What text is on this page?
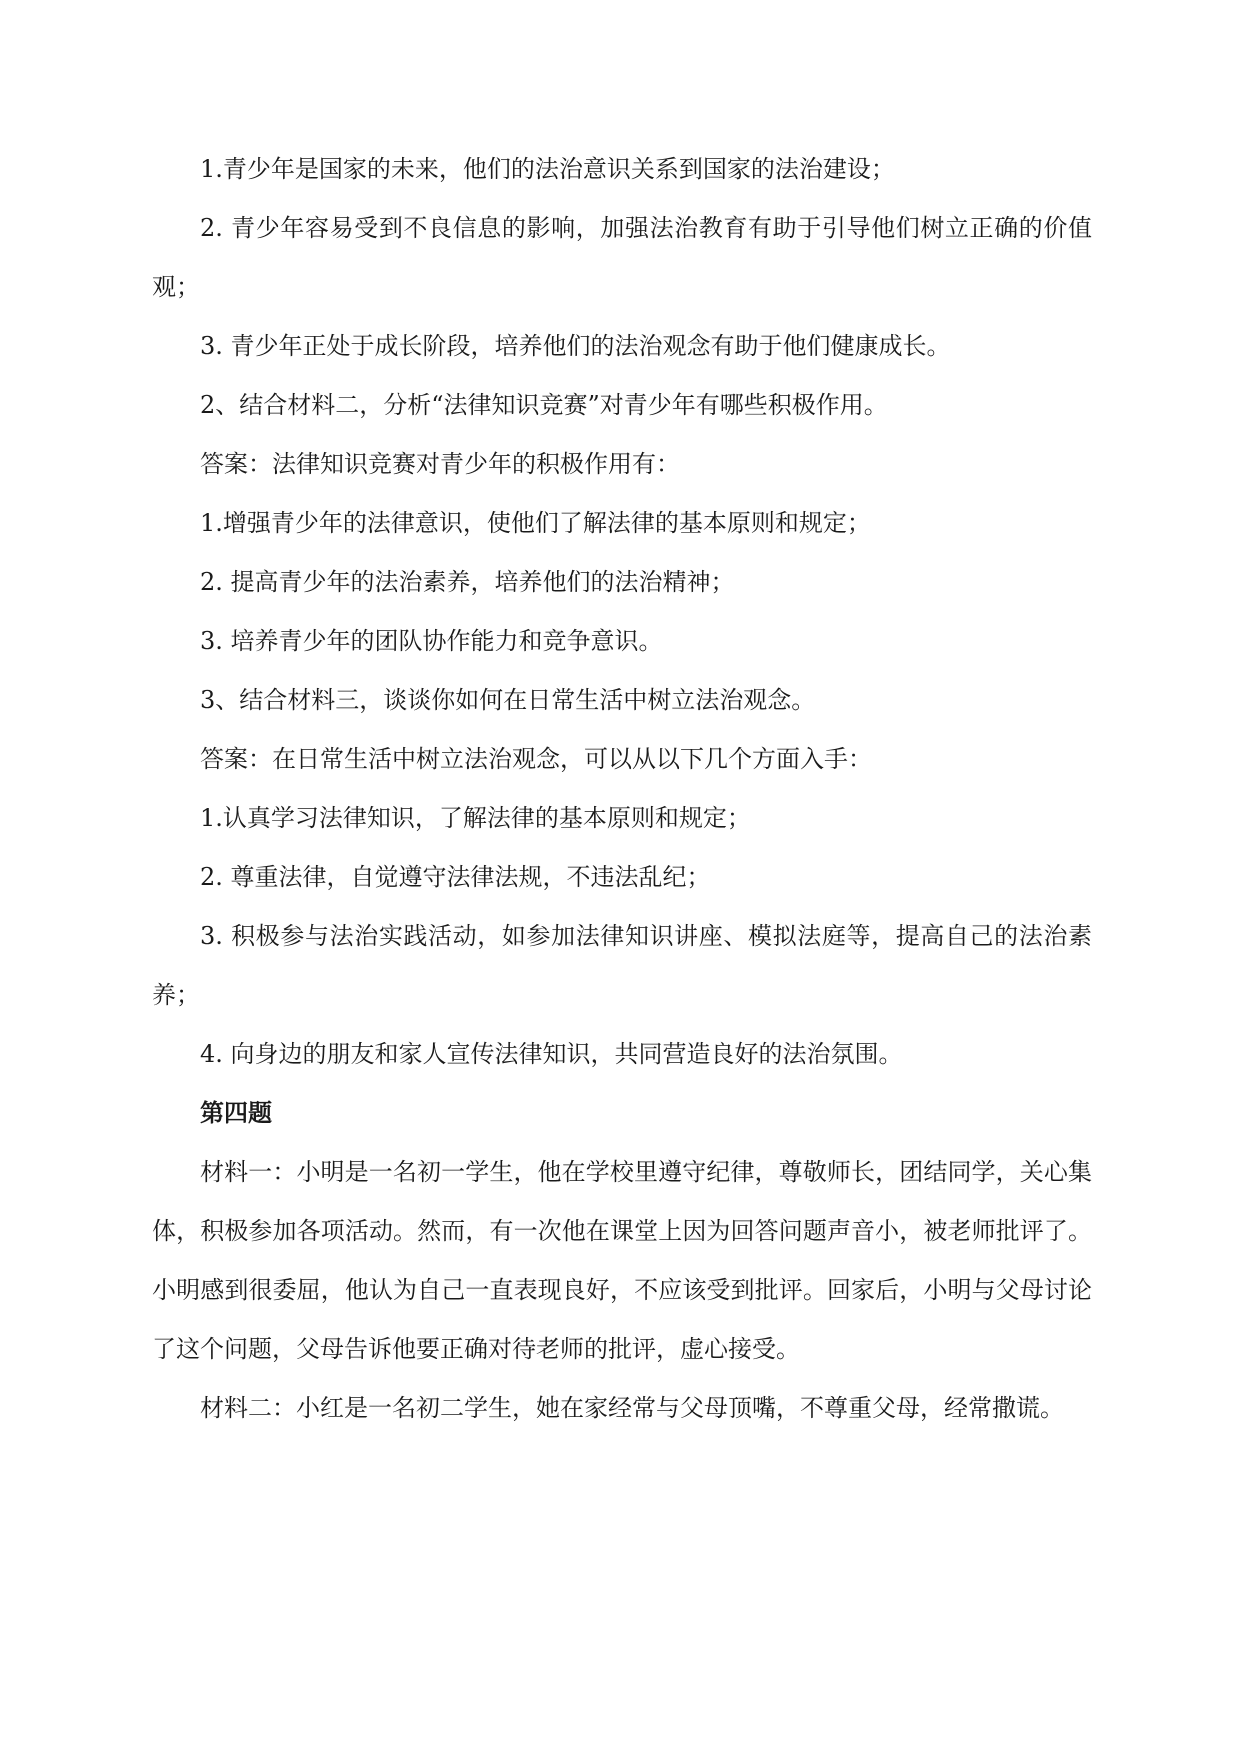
1.青少年是国家的未来，他们的法治意识关系到国家的法治建设；

2. 青少年容易受到不良信息的影响，加强法治教育有助于引导他们树立正确的价值观；

3. 青少年正处于成长阶段，培养他们的法治观念有助于他们健康成长。

2、结合材料二，分析“法律知识竞赛”对青少年有哪些积极作用。

答案：法律知识竞赛对青少年的积极作用有：

1.增强青少年的法律意识，使他们了解法律的基本原则和规定；

2. 提高青少年的法治素养，培养他们的法治精神；

3. 培养青少年的团队协作能力和竞争意识。

3、结合材料三，谈谈你如何在日常生活中树立法治观念。

答案：在日常生活中树立法治观念，可以从以下几个方面入手：

1.认真学习法律知识，了解法律的基本原则和规定；

2. 尊重法律，自觉遵守法律法规，不违法乱纪；

3. 积极参与法治实践活动，如参加法律知识讲座、模拟法庭等，提高自己的法治素养；

4. 向身边的朋友和家人宣传法律知识，共同营造良好的法治氛围。

第四题

材料一：小明是一名初一学生，他在学校里遵守纪律，尊敬师长，团结同学，关心集体，积极参加各项活动。然而，有一次他在课堂上因为回答问题声音小，被老师批评了。小明感到很委屈，他认为自己一直表现良好，不应该受到批评。回家后，小明与父母讨论了这个问题，父母告诉他要正确对待老师的批评，虚心接受。

材料二：小红是一名初二学生，她在家经常与父母顶嘴，不尊重父母，经常撒谎。
